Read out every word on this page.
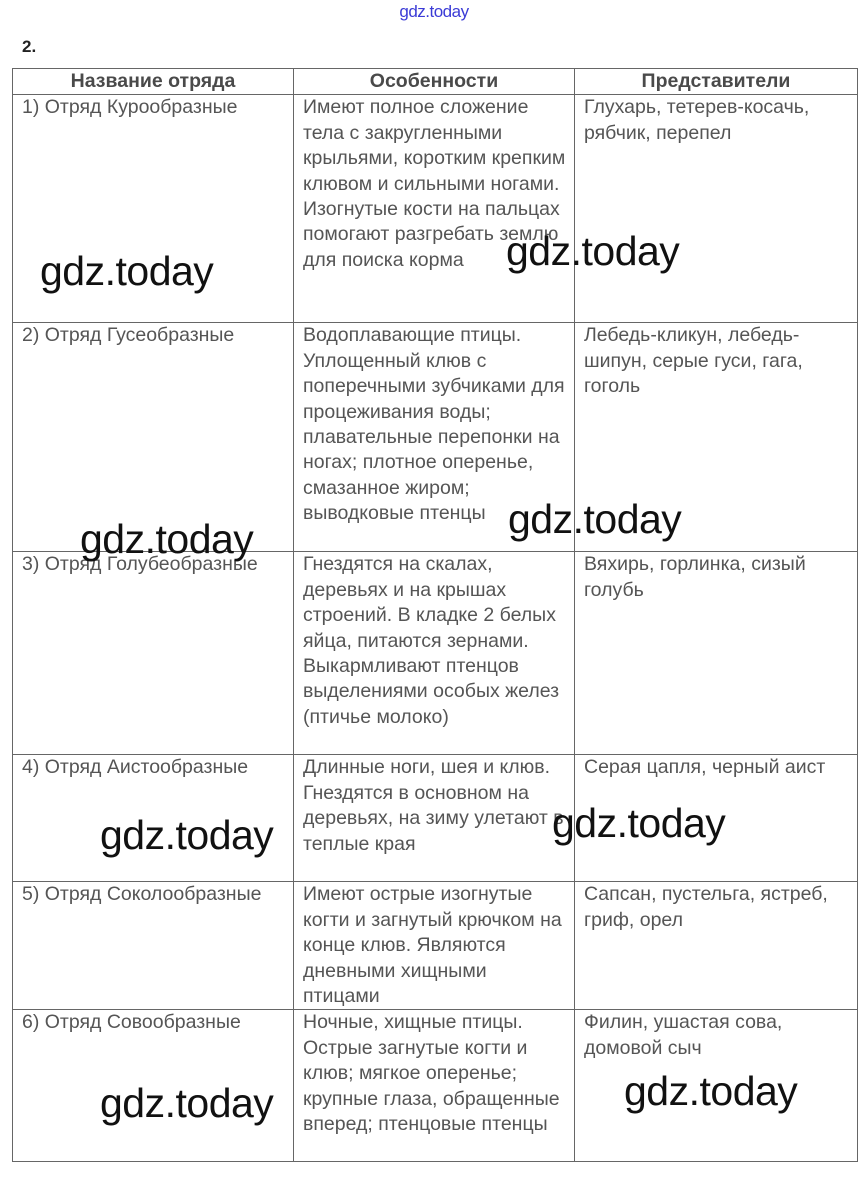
gdz.today
2.
Название отряда	Особенности	Представители
1) Отряд Курообразные	Имеют полное сложение тела с закругленными крыльями, коротким крепким клювом и сильными ногами. Изогнутые кости на пальцах помогают разгребать землю для поиска корма	Глухарь, тетерев-косачь, рябчик, перепел
2) Отряд Гусеобразные	Водоплавающие птицы. Уплощенный клюв с поперечными зубчиками для процеживания воды; плавательные перепонки на ногах; плотное оперенье, смазанное жиром; выводковые птенцы	Лебедь-кликун, лебедь-шипун, серые гуси, гага, гоголь
3) Отряд Голубеобразные	Гнездятся на скалах, деревьях и на крышах строений. В кладке 2 белых яйца, питаются зернами. Выкармливают птенцов выделениями особых желез (птичье молоко)	Вяхирь, горлинка, сизый голубь
4) Отряд Аистообразные	Длинные ноги, шея и клюв. Гнездятся в основном на деревьях, на зиму улетают в теплые края	Серая цапля, черный аист
5) Отряд Соколообразные	Имеют острые изогнутые когти и загнутый крючком на конце клюв. Являются дневными хищными птицами	Сапсан, пустельга, ястреб, гриф, орел
6) Отряд Совообразные	Ночные, хищные птицы. Острые загнутые когти и клюв; мягкое оперенье; крупные глаза, обращенные вперед; птенцовые птенцы	Филин, ушастая сова, домовой сыч
gdz.today	gdz.today
gdz.today	gdz.today
gdz.today	gdz.today
gdz.today	gdz.today
